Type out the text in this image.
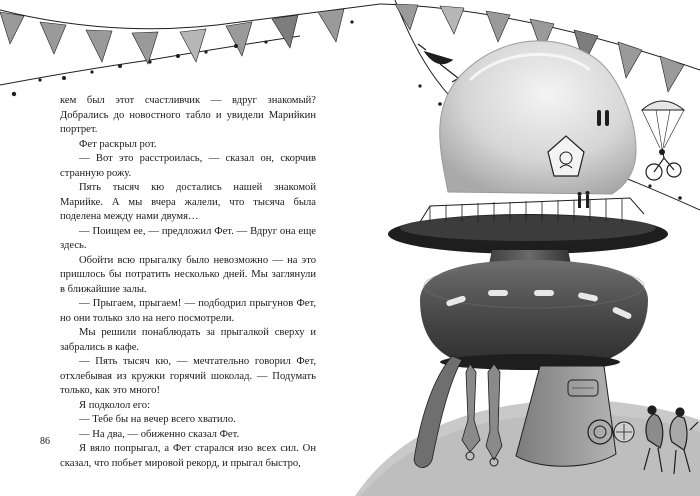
кем был этот счастливчик — вдруг знакомый? Добрались до новостного табло и увидели Марийкин портрет.

Фет раскрыл рот.

— Вот это расстроилась, — сказал он, скорчив странную рожу.

Пять тысяч кю достались нашей знакомой Марийке. А мы вчера жалели, что тысяча была поделена между нами двумя…

— Поищем ее, — предложил Фет. — Вдруг она еще здесь.

Обойти всю прыгалку было невозможно — на это пришлось бы потратить несколько дней. Мы заглянули в ближайшие залы.

— Прыгаем, прыгаем! — подбодрил прыгунов Фет, но они только зло на него посмотрели.

Мы решили понаблюдать за прыгалкой сверху и забрались в кафе.

— Пять тысяч кю, — мечтательно говорил Фет, отхлебывая из кружки горячий шоколад. — Подумать только, как это много!

Я подколол его:

— Тебе бы на вечер всего хватило.

— На два, — обиженно сказал Фет.

Я вяло попрыгал, а Фет старался изо всех сил. Он сказал, что побьет мировой рекорд, и прыгал быстро,

86
